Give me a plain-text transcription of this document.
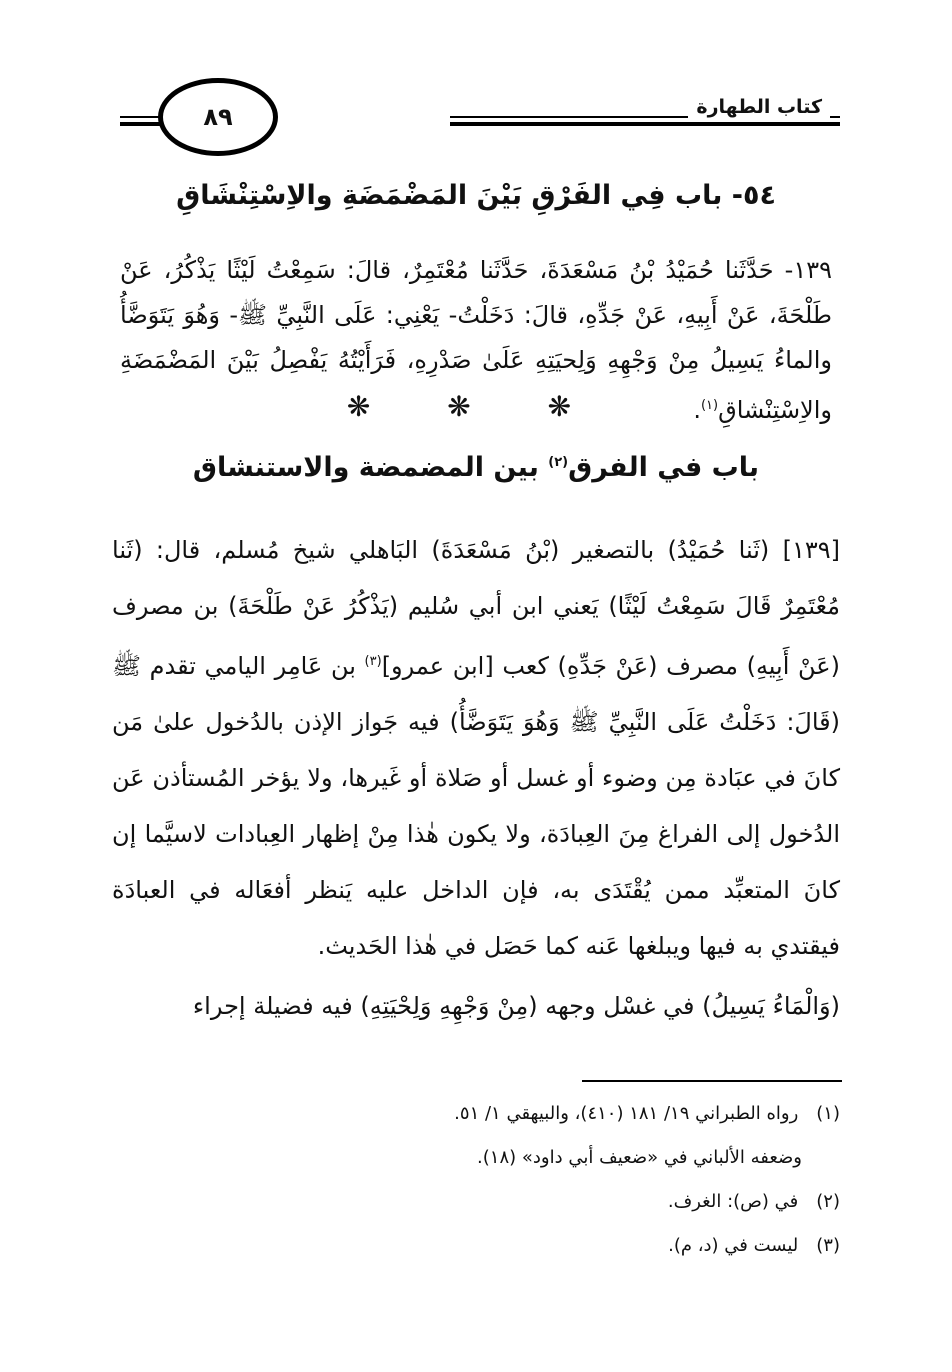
كتاب الطهارة
٨٩
٥٤- باب فِي الفَرْقِ بَيْنَ المَضْمَضَةِ والاِسْتِنْشَاقِ
١٣٩- حَدَّثَنا حُمَيْدُ بْنُ مَسْعَدَةَ، حَدَّثَنا مُعْتَمِرٌ، قالَ: سَمِعْتُ لَيْثًا يَذْكُرُ، عَنْ طَلْحَةَ، عَنْ أَبِيهِ، عَنْ جَدِّهِ، قالَ: دَخَلْتُ- يَعْنِي: عَلَى النَّبِيِّ ﷺ- وَهُوَ يَتَوَضَّأُ والماءُ يَسِيلُ مِنْ وَجْهِهِ وَلِحيَتِهِ عَلَىٰ صَدْرِهِ، فَرَأَيْتُهُ يَفْصِلُ بَيْنَ المَضْمَضَةِ والاِسْتِنْشاقِ$^{(١)}$.
❋ ❋ ❋
باب في الفرق$^{(٢)}$ بين المضمضة والاستنشاق

[١٣٩] (ثَنا حُمَيْدُ) بالتصغير (بْنُ مَسْعَدَةَ) البَاهلي شيخ مُسلم، قال: (ثَنا مُعْتَمِرٌ قَالَ سَمِعْتُ لَيْثًا) يَعني ابن أبي سُليم (يَذْكُرُ عَنْ طَلْحَةَ) بن مصرف (عَنْ أَبِيهِ) مصرف (عَنْ جَدِّهِ) كعب [ابن عمرو]$^{(٣)}$ بن عَامِر اليامي تقدم ﷺ (قَالَ: دَخَلْتُ عَلَى النَّبِيِّ ﷺ وَهُوَ يَتَوَضَّأُ) فيه جَواز الإذن بالدُخول علىٰ مَن كانَ في عبَادة مِن وضوء أو غسل أو صَلاة أو غَيرها، ولا يؤخر المُستأذن عَن الدُخول إلى الفراغ مِنَ العِبادَة، ولا يكون هٰذا مِنْ إظهار العِبادات لاسيَّما إن كانَ المتعبِّد ممن يُقْتَدَى به، فإن الداخل عليه يَنظر أفعَاله في العبادَة فيقتدي به فيها ويبلغها عَنه كما حَصَل في هٰذا الحَديث.

(وَالْمَاءُ يَسِيلُ) في غسْل وجهه (مِنْ وَجْهِهِ وَلِحْيَتِهِ) فيه فضيلة إجراء

(١) رواه الطبراني ١٩/ ١٨١ (٤١٠)، والبيهقي ١/ ٥١.
وضعفه الألباني في «ضعيف أبي داود» (١٨).
(٢) في (ص): الغرف.
(٣) ليست في (د، م).
